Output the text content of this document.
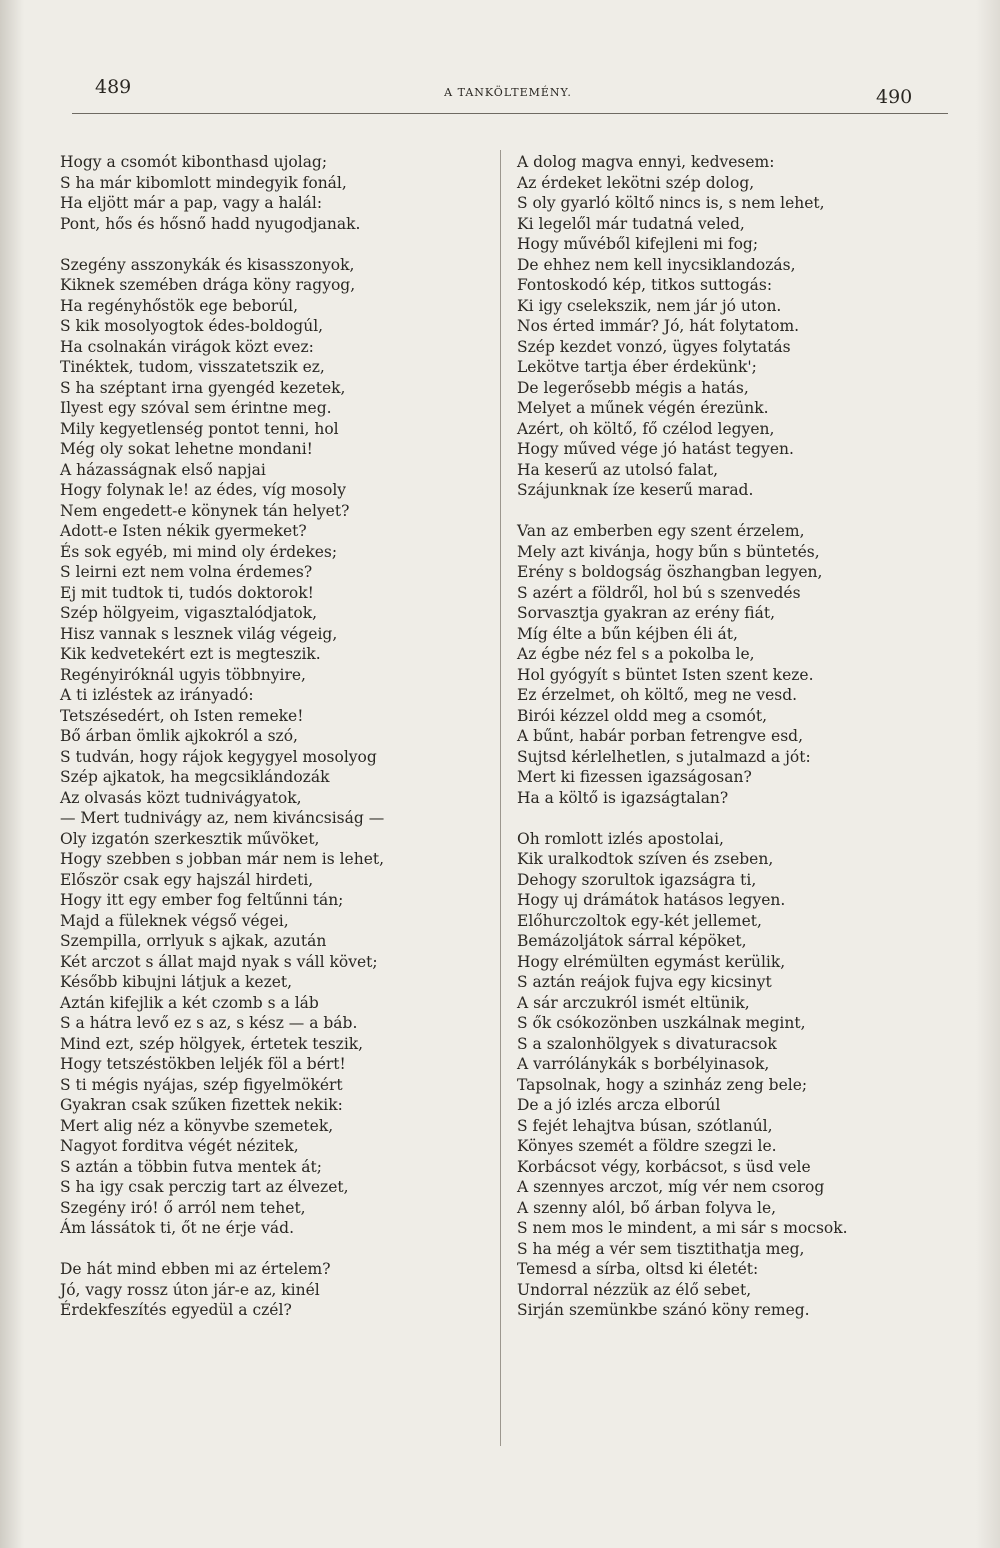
489	A TANKÖLTEMÉNY.	490
Hogy a csomót kibonthasd ujolag;
S ha már kibomlott mindegyik fonál,
Ha eljött már a pap, vagy a halál:
Pont, hős és hősnő hadd nyugodjanak.
Szegény asszonykák és kisasszonyok,
Kiknek szemében drága köny ragyog,
Ha regényhőstök ege beborúl,
S kik mosolyogtok édes-boldogúl,
Ha csolnakán virágok közt evez:
Tinéktek, tudom, visszatetszik ez,
S ha széptant irna gyengéd kezetek,
Ilyest egy szóval sem érintne meg.
Mily kegyetlenség pontot tenni, hol
Még oly sokat lehetne mondani!
A házasságnak első napjai
Hogy folynak le! az édes, víg mosoly
Nem engedett-e könynek tán helyet?
Adott-e Isten nékik gyermeket?
És sok egyéb, mi mind oly érdekes;
S leirni ezt nem volna érdemes?
Ej mit tudtok ti, tudós doktorok!
Szép hölgyeim, vigasztalódjatok,
Hisz vannak s lesznek világ végeig,
Kik kedvetekért ezt is megteszik.
Regényiróknál ugyis többnyire,
A ti izléstek az irányadó:
Tetszésedért, oh Isten remeke!
Bő árban ömlik ajkokról a szó,
S tudván, hogy rájok kegygyel mosolyog
Szép ajkatok, ha megcsiklándozák
Az olvasás közt tudnivágyatok,
— Mert tudnivágy az, nem kiváncsiság —
Oly izgatón szerkesztik művöket,
Hogy szebben s jobban már nem is lehet,
Először csak egy hajszál hirdeti,
Hogy itt egy ember fog feltűnni tán;
Majd a füleknek végső végei,
Szempilla, orrlyuk s ajkak, azután
Két arczot s állat majd nyak s váll követ;
Később kibujni látjuk a kezet,
Aztán kifejlik a két czomb s a láb
S a hátra levő ez s az, s kész — a báb.
Mind ezt, szép hölgyek, értetek teszik,
Hogy tetszéstökben leljék föl a bért!
S ti mégis nyájas, szép figyelmökért
Gyakran csak szűken fizettek nekik:
Mert alig néz a könyvbe szemetek,
Nagyot forditva végét nézitek,
S aztán a többin futva mentek át;
S ha igy csak perczig tart az élvezet,
Szegény iró! ő arról nem tehet,
Ám lássátok ti, őt ne érje vád.
De hát mind ebben mi az értelem?
Jó, vagy rossz úton jár-e az, kinél
Érdekfeszítés egyedül a czél?
A dolog magva ennyi, kedvesem:
Az érdeket lekötni szép dolog,
S oly gyarló költő nincs is, s nem lehet,
Ki legelől már tudatná veled,
Hogy művéből kifejleni mi fog;
De ehhez nem kell inycsiklandozás,
Fontoskodó kép, titkos suttogás:
Ki igy cselekszik, nem jár jó uton.
Nos érted immár? Jó, hát folytatom.
Szép kezdet vonzó, ügyes folytatás
Lekötve tartja éber érdekünk';
De legerősebb mégis a hatás,
Melyet a műnek végén érezünk.
Azért, oh költő, fő czélod legyen,
Hogy műved vége jó hatást tegyen.
Ha keserű az utolsó falat,
Szájunknak íze keserű marad.
Van az emberben egy szent érzelem,
Mely azt kivánja, hogy bűn s büntetés,
Erény s boldogság öszhangban legyen,
S azért a földről, hol bú s szenvedés
Sorvasztja gyakran az erény fiát,
Míg élte a bűn kéjben éli át,
Az égbe néz fel s a pokolba le,
Hol gyógyít s büntet Isten szent keze.
Ez érzelmet, oh költő, meg ne vesd.
Birói kézzel oldd meg a csomót,
A bűnt, habár porban fetrengve esd,
Sujtsd kérlelhetlen, s jutalmazd a jót:
Mert ki fizessen igazságosan?
Ha a költő is igazságtalan?
Oh romlott izlés apostolai,
Kik uralkodtok szíven és zseben,
Dehogy szorultok igazságra ti,
Hogy uj drámátok hatásos legyen.
Előhurczoltok egy-két jellemet,
Bemázoljátok sárral képöket,
Hogy elrémülten egymást kerülik,
S aztán reájok fujva egy kicsinyt
A sár arczukról ismét eltünik,
S ők csókozönben uszkálnak megint,
S a szalonhölgyek s divaturacsok
A varrólánykák s borbélyinasok,
Tapsolnak, hogy a szinház zeng bele;
De a jó izlés arcza elborúl
S fejét lehajtva búsan, szótlanúl,
Könyes szemét a földre szegzi le.
Korbácsot végy, korbácsot, s üsd vele
A szennyes arczot, míg vér nem csorog
A szenny alól, bő árban folyva le,
S nem mos le mindent, a mi sár s mocsok.
S ha még a vér sem tisztithatja meg,
Temesd a sírba, oltsd ki életét:
Undorral nézzük az élő sebet,
Sirján szemünkbe szánó köny remeg.
